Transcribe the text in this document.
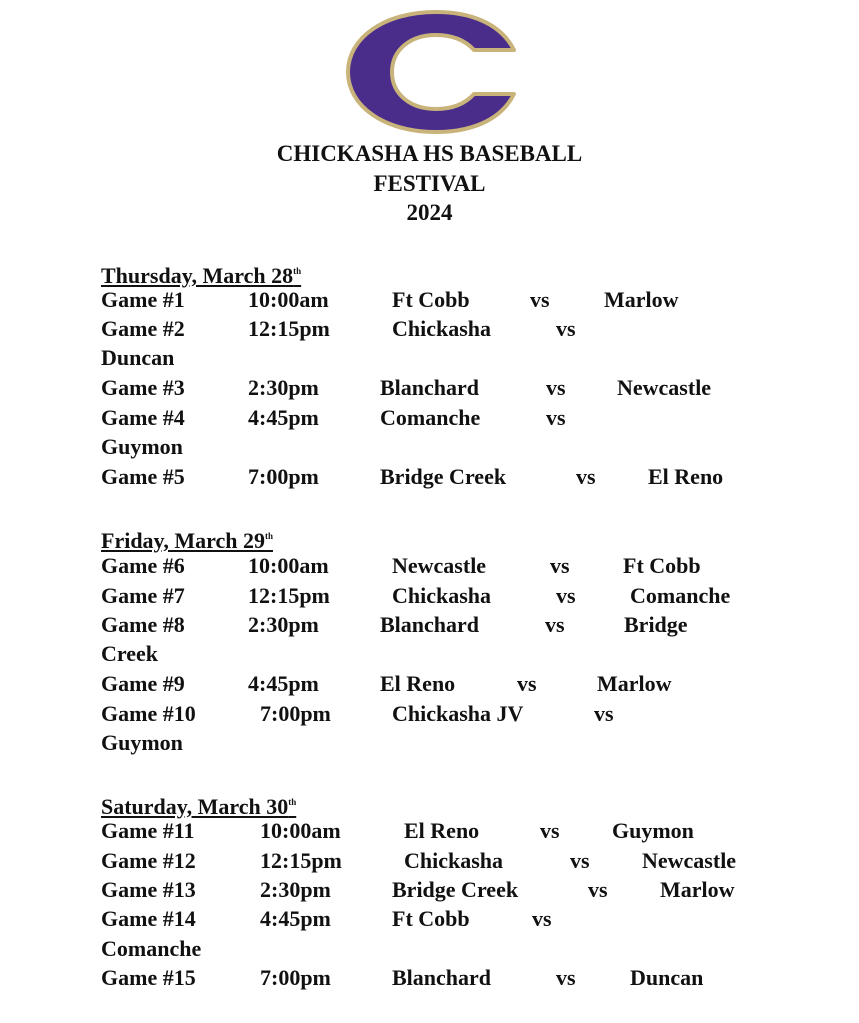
CHICKASHA HS BASEBALL
FESTIVAL
2024
Thursday, March 28th
Game #1	10:00am	Ft Cobb	vs Marlow
Game #2	12:15pm	Chickasha	vs
Duncan
Game #3	2:30pm	Blanchard	vs Newcastle
Game #4	4:45pm	Comanche	vs
Guymon
Game #5	7:00pm	Bridge Creek	vs El Reno
Friday, March 29th
Game #6	10:00am	Newcastle	vs Ft Cobb
Game #7	12:15pm	Chickasha	vs Comanche
Game #8	2:30pm	Blanchard	vs	Bridge
Creek
Game #9	4:45pm	El Reno	vs	Marlow
Game #10	7:00pm	Chickasha JV	vs
Guymon
Saturday, March 30th
Game #11	10:00am	El Reno	vs Guymon
Game #12	12:15pm	Chickasha	vs Newcastle
Game #13	2:30pm	Bridge Creek	vs Marlow
Game #14	4:45pm	Ft Cobb	vs
Comanche
Game #15	7:00pm	Blanchard	vs Duncan
